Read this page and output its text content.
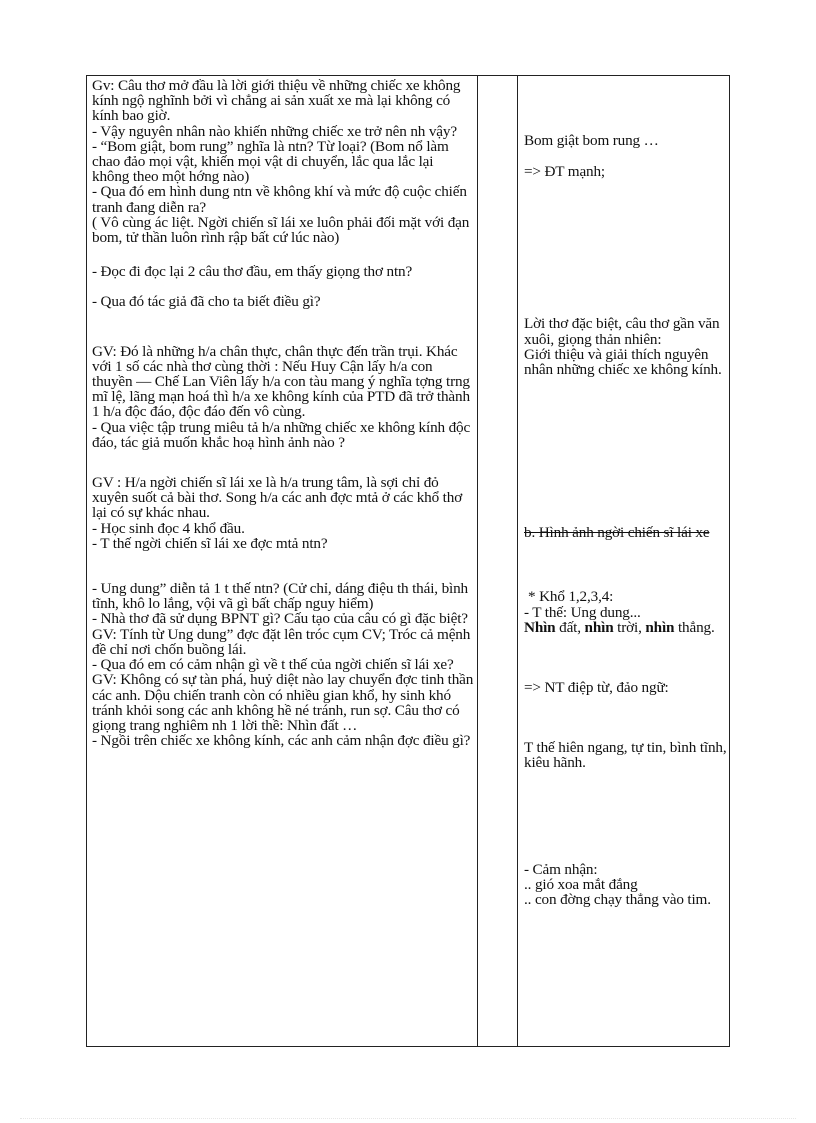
Gv: Câu thơ mở đầu là lời giới thiệu về những chiếc xe không kính ngộ nghĩnh bởi vì chẳng ai sản xuất xe mà lại không có kính bao giờ.

- Vậy nguyên nhân nào khiến những chiếc xe trở nên nh vậy?

- “Bom giật, bom rung” nghĩa là ntn? Từ loại? (Bom nổ làm chao đảo mọi vật, khiến mọi vật di chuyển, lắc qua lắc lại không theo một hớng nào)

- Qua đó em hình dung ntn về không khí và mức độ cuộc chiến tranh đang diễn ra?

( Vô cùng ác liệt. Ngời chiến sĩ lái xe luôn phải đối mặt với đạn bom, tử thần luôn rình rập bất cứ lúc nào)

- Đọc đi đọc lại 2 câu thơ đầu, em thấy giọng thơ ntn?

- Qua đó tác giả đã cho ta biết điều gì?

GV: Đó là những h/a chân thực, chân thực đến trần trụi. Khác với 1 số các nhà thơ cùng thời : Nếu Huy Cận lấy h/a con thuyền — Chế Lan Viên lấy h/a con tàu mang ý nghĩa tợng trng mĩ lệ, lãng mạn hoá thì h/a xe không kính của PTD đã trở thành 1 h/a độc đáo, độc đáo đến vô cùng.

- Qua việc tập trung miêu tả h/a những chiếc xe không kính độc đáo, tác giả muốn khắc hoạ hình ảnh nào ?

GV : H/a ngời chiến sĩ lái xe là h/a trung tâm, là sợi chỉ đỏ xuyên suốt cả bài thơ. Song h/a các anh đợc mtả ở các khổ thơ lại có sự khác nhau.

- Học sinh đọc 4 khổ đầu.

- T thế ngời chiến sĩ lái xe đợc mtả ntn?

- Ung dung” diễn tả 1 t thế ntn? (Cử chỉ, dáng điệu th thái, bình tĩnh, khô lo lắng, vội vã gì bất chấp nguy hiểm)

- Nhà thơ đã sử dụng BPNT gì? Cấu tạo của câu có gì đặc biệt?

GV: Tính từ Ung dung” đợc đặt lên tróc cụm CV; Tróc cả mệnh đề chỉ nơi chốn buồng lái.

- Qua đó em có cảm nhận gì về t thế của ngời chiến sĩ lái xe?

GV: Không có sự tàn phá, huỷ diệt nào lay chuyển đợc tinh thần các anh. Dộu chiến tranh còn có nhiều gian khổ, hy sinh khó tránh khỏi song các anh không hề né tránh, run sợ. Câu thơ có giọng trang nghiêm nh 1 lời thề: Nhìn đất …

- Ngồi trên chiếc xe không kính, các anh cảm nhận đợc điều gì?

Bom giật bom rung …

=> ĐT mạnh;

Lời thơ đặc biệt, câu thơ gần văn xuôi, giọng thản nhiên:

Giới thiệu và giải thích nguyên nhân những chiếc xe không kính.

b. Hình ảnh ngời chiến sĩ lái xe

* Khổ 1,2,3,4:

- T thế: Ung dung...

Nhìn đất, nhìn trời, nhìn thẳng.

=> NT điệp từ, đảo ngữ:

T thế hiên ngang, tự tin, bình tĩnh, kiêu hãnh.

- Cảm nhận:

.. gió xoa mắt đắng

.. con đờng chạy thẳng vào tim.
